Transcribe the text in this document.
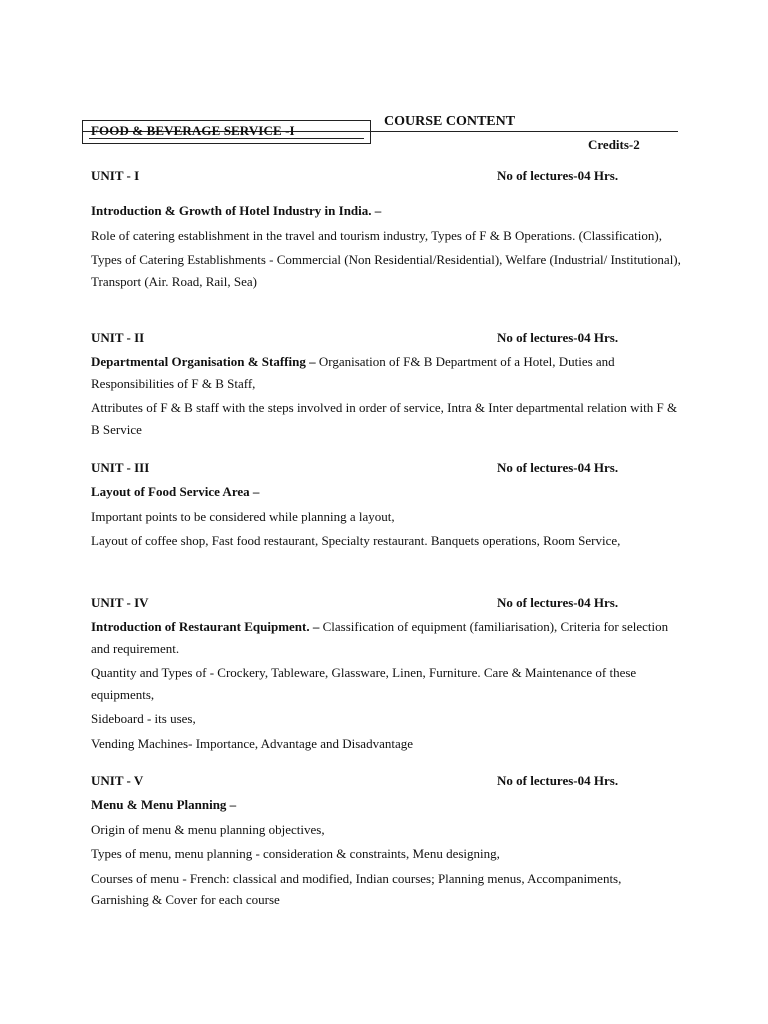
FOOD & BEVERAGE SERVICE -I
COURSE CONTENT
Credits-2
UNIT - I	No of lectures-04 Hrs.

Introduction & Growth of Hotel Industry in India. –

Role of catering establishment in the travel and tourism industry, Types of F & B Operations. (Classification),

Types of Catering Establishments - Commercial (Non Residential/Residential), Welfare (Industrial/ Institutional), Transport (Air. Road, Rail, Sea)

UNIT - II	No of lectures-04 Hrs.

Departmental Organisation & Staffing – Organisation of F& B Department of a Hotel, Duties and Responsibilities of F & B Staff,

Attributes of F & B staff with the steps involved in order of service, Intra & Inter departmental relation with F & B Service

UNIT - III	No of lectures-04 Hrs.

Layout of Food Service Area –

Important points to be considered while planning a layout,

Layout of coffee shop, Fast food restaurant, Specialty restaurant. Banquets operations, Room Service,

UNIT - IV	No of lectures-04 Hrs.

Introduction of Restaurant Equipment. – Classification of equipment (familiarisation), Criteria for selection and requirement.

Quantity and Types of - Crockery, Tableware, Glassware, Linen, Furniture. Care & Maintenance of these equipments,

Sideboard - its uses,

Vending Machines- Importance, Advantage and Disadvantage

UNIT - V	No of lectures-04 Hrs.

Menu & Menu Planning –

Origin of menu & menu planning objectives,

Types of menu, menu planning - consideration & constraints, Menu designing,

Courses of menu - French: classical and modified, Indian courses; Planning menus, Accompaniments, Garnishing & Cover for each course
